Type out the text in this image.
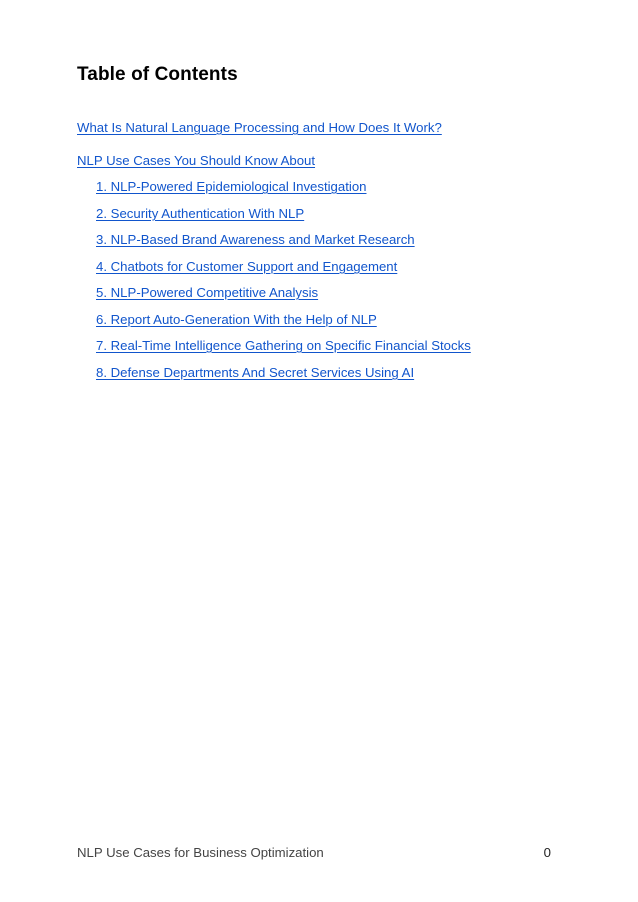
Table of Contents
What Is Natural Language Processing and How Does It Work?
NLP Use Cases You Should Know About
1. NLP-Powered Epidemiological Investigation
2. Security Authentication With NLP
3. NLP-Based Brand Awareness and Market Research
4. Chatbots for Customer Support and Engagement
5. NLP-Powered Competitive Analysis
6. Report Auto-Generation With the Help of NLP
7. Real-Time Intelligence Gathering on Specific Financial Stocks
8. Defense Departments And Secret Services Using AI
NLP Use Cases for Business Optimization	0
